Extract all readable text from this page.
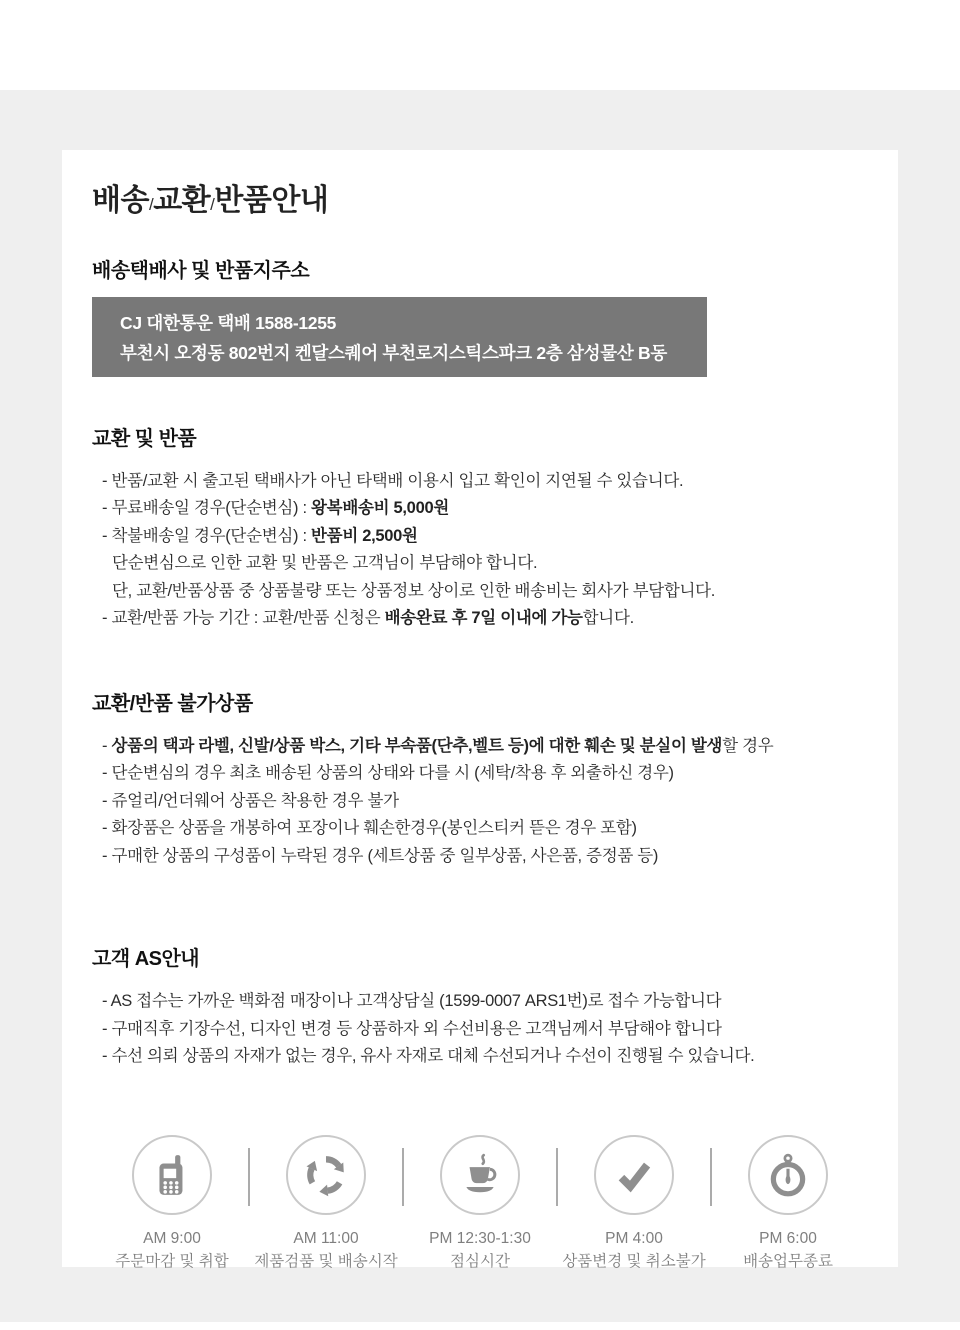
배송/교환/반품안내
배송택배사 및 반품지주소
CJ 대한통운 택배 1588-1255
부천시 오정동 802번지 켄달스퀘어 부천로지스틱스파크 2층 삼성물산 B동
교환 및 반품
- 반품/교환 시 출고된 택배사가 아닌 타택배 이용시 입고 확인이 지연될 수 있습니다.
- 무료배송일 경우(단순변심) : 왕복배송비 5,000원
- 착불배송일 경우(단순변심) : 반품비 2,500원
단순변심으로 인한 교환 및 반품은 고객님이 부담해야 합니다.
단, 교환/반품상품 중 상품불량 또는 상품정보 상이로 인한 배송비는 회사가 부담합니다.
- 교환/반품 가능 기간 : 교환/반품 신청은 배송완료 후 7일 이내에 가능합니다.
교환/반품 불가상품
- 상품의 택과 라벨, 신발/상품 박스, 기타 부속품(단추,벨트 등)에 대한 훼손 및 분실이 발생할 경우
- 단순변심의 경우 최초 배송된 상품의 상태와 다를 시 (세탁/착용 후 외출하신 경우)
- 쥬얼리/언더웨어 상품은 착용한 경우 불가
- 화장품은 상품을 개봉하여 포장이나 훼손한경우(봉인스티커 뜯은 경우 포함)
- 구매한 상품의 구성품이 누락된 경우 (세트상품 중 일부상품, 사은품, 증정품 등)
고객 AS안내
- AS 접수는 가까운 백화점 매장이나 고객상담실 (1599-0007 ARS1번)로 접수 가능합니다
- 구매직후 기장수선, 디자인 변경 등 상품하자 외 수선비용은 고객님께서 부담해야 합니다
- 수선 의뢰 상품의 자재가 없는 경우, 유사 자재로 대체 수선되거나 수선이 진행될 수 있습니다.
AM 9:00
주문마감 및 취합
AM 11:00
제품검품 및 배송시작
PM 12:30-1:30
점심시간
PM 4:00
상품변경 및 취소불가
PM 6:00
배송업무종료
